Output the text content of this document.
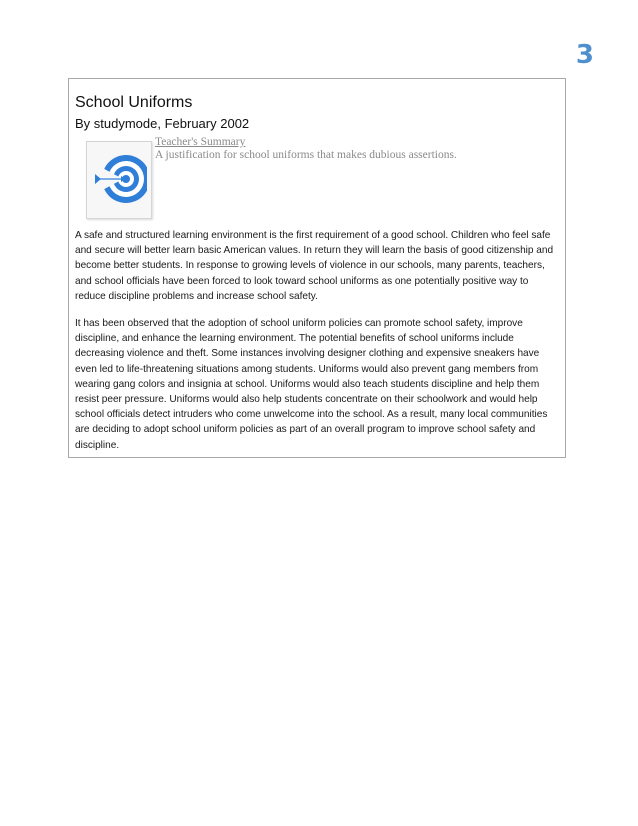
3
School Uniforms
By studymode, February 2002
Teacher's Summary
A justification for school uniforms that makes dubious assertions.

A safe and structured learning environment is the first requirement of a good school. Children who feel safe and secure will better learn basic American values. In return they will learn the basis of good citizenship and become better students. In response to growing levels of violence in our schools, many parents, teachers, and school officials have been forced to look toward school uniforms as one potentially positive way to reduce discipline problems and increase school safety.

It has been observed that the adoption of school uniform policies can promote school safety, improve discipline, and enhance the learning environment. The potential benefits of school uniforms include decreasing violence and theft. Some instances involving designer clothing and expensive sneakers have even led to life-threatening situations among students. Uniforms would also prevent gang members from wearing gang colors and insignia at school. Uniforms would also teach students discipline and help them resist peer pressure. Uniforms would also help students concentrate on their schoolwork and would help school officials detect intruders who come unwelcome into the school. As a result, many local communities are deciding to adopt school uniform policies as part of an overall program to improve school safety and discipline.
